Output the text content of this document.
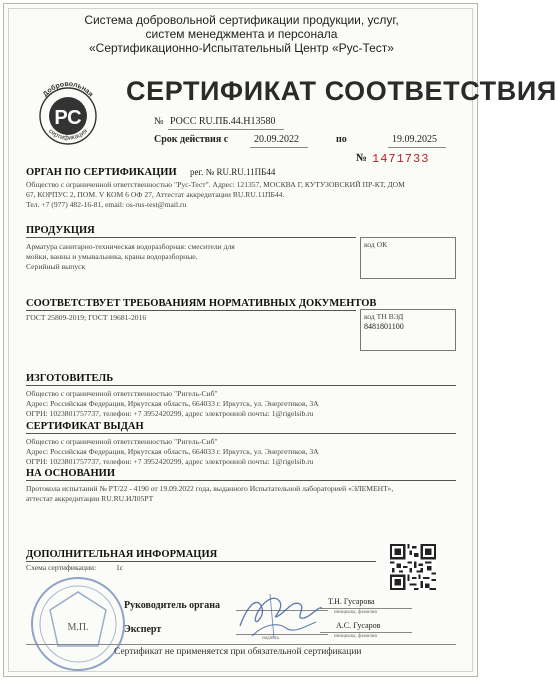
Система добровольной сертификации продукции, услуг,
систем менеджмента и персонала
«Сертификационно-Испытательный Центр «Рус-Тест»
Добровольная
сертификация
РС
СЕРТИФИКАТ СООТВЕТСТВИЯ
№ РОСС RU.ПБ.44.Н13580
Срок действия с	20.09.2022	по	19.09.2025
№ 1471733
ОРГАН ПО СЕРТИФИКАЦИИ рег. № RU.RU.11ПБ44
Общество с ограниченной ответственностью "Рус-Тест". Адрес: 121357, МОСКВА Г, КУТУЗОВСКИЙ ПР-КТ, ДОМ
67, КОРПУС 2, ПОМ. V КОМ 6 ОФ 27, Аттестат аккредитации RU.RU.11ПБ44.
Тел. +7 (977) 482-16-81, email: os-rus-test@mail.ru
ПРОДУКЦИЯ
Арматура санитарно-техническая водоразборная: смесители для
мойки, ванны и умывальника, краны водоразборные.
Серийный выпуск
код ОК
СООТВЕТСТВУЕТ ТРЕБОВАНИЯМ НОРМАТИВНЫХ ДОКУМЕНТОВ
ГОСТ 25809-2019; ГОСТ 19681-2016	код ТН ВЭД
8481801100
ИЗГОТОВИТЕЛЬ
Общество с ограниченной ответственностью "Ригель-Сиб"
Адрес: Российская Федерация, Иркутская область, 664033 г. Иркутск, ул. Энергетиков, 3А
ОГРН: 1023801757737, телефон: +7 3952420299, адрес электронной почты: 1@rigelsib.ru
СЕРТИФИКАТ ВЫДАН
Общество с ограниченной ответственностью "Ригель-Сиб"
Адрес: Российская Федерация, Иркутская область, 664033 г. Иркутск, ул. Энергетиков, 3А
ОГРН: 1023801757737, телефон: +7 3952420299, адрес электронной почты: 1@rigelsib.ru
НА ОСНОВАНИИ
Протокола испытаний № РТ/22 - 4190 от 19.09.2022 года, выданного Испытательной лабораторией «ЭЛЕМЕНТ»,
аттестат аккредитации RU.RU.ИЛ05РТ
ДОПОЛНИТЕЛЬНАЯ ИНФОРМАЦИЯ
Схема сертификации:	1с
М.П.
Руководитель органа	Т.Н. Гусарова
инициалы, фамилия
Эксперт
подпись
А.С. Гусаров
инициалы, фамилия
Сертификат не применяется при обязательной сертификации
